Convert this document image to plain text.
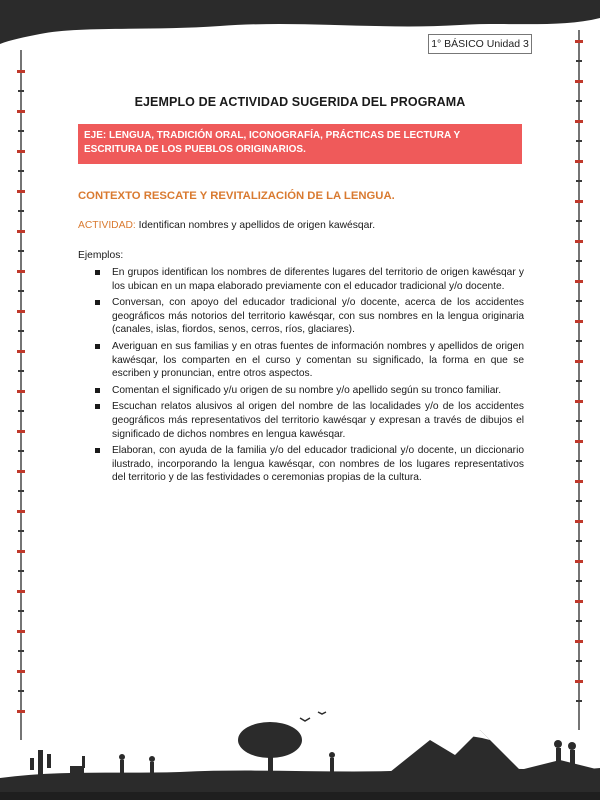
1° BÁSICO Unidad 3
EJEMPLO DE ACTIVIDAD SUGERIDA DEL PROGRAMA
EJE: LENGUA, TRADICIÓN ORAL, ICONOGRAFÍA, PRÁCTICAS DE LECTURA Y ESCRITURA DE LOS PUEBLOS ORIGINARIOS.
CONTEXTO RESCATE Y REVITALIZACIÓN DE LA LENGUA.
ACTIVIDAD: Identifican nombres y apellidos de origen kawésqar.
Ejemplos:
En grupos identifican los nombres de diferentes lugares del territorio de origen kawésqar y los ubican en un mapa elaborado previamente con el educador tradicional y/o docente.
Conversan, con apoyo del educador tradicional y/o docente, acerca de los accidentes geográficos más notorios del territorio kawésqar, con sus nombres en la lengua originaria (canales, islas, fiordos, senos, cerros, ríos, glaciares).
Averiguan en sus familias y en otras fuentes de información nombres y apellidos de origen kawésqar, los comparten en el curso y comentan su significado, la forma en que se escriben y pronuncian, entre otros aspectos.
Comentan el significado y/u origen de su nombre y/o apellido según su tronco familiar.
Escuchan relatos alusivos al origen del nombre de las localidades y/o de los accidentes geográficos más representativos del territorio kawésqar y expresan a través de dibujos el significado de dichos nombres en lengua kawésqar.
Elaboran, con ayuda de la familia y/o del educador tradicional y/o docente, un diccionario ilustrado, incorporando la lengua kawésqar, con nombres de los lugares representativos del territorio y de las festividades o ceremonias propias de la cultura.
